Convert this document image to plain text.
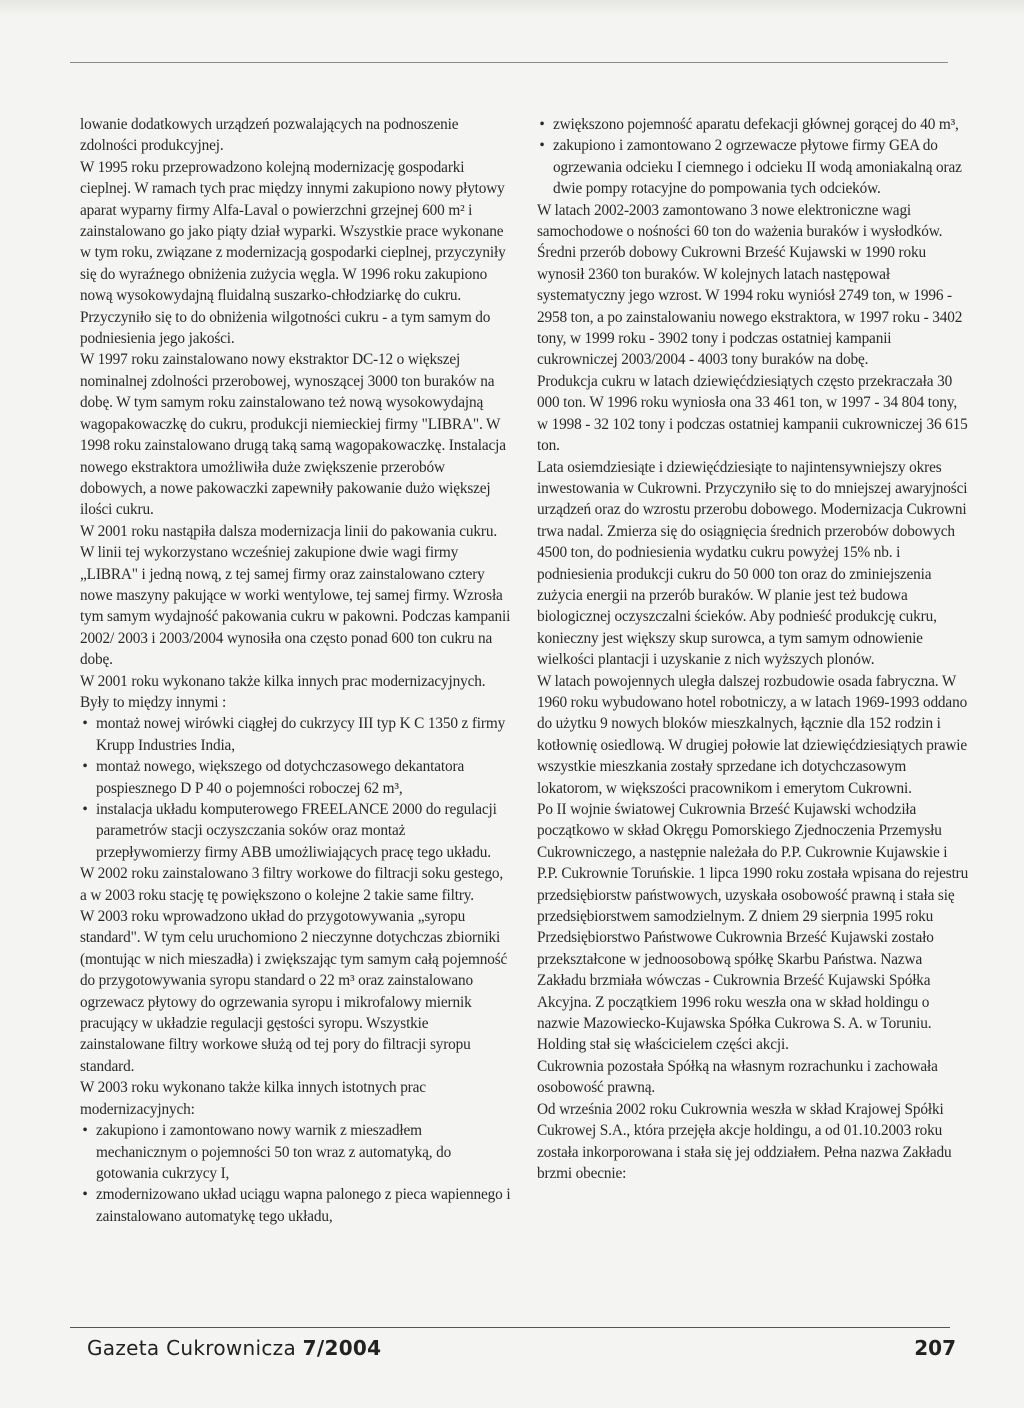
lowanie dodatkowych urządzeń pozwalających na podnoszenie zdolności produkcyjnej.

W 1995 roku przeprowadzono kolejną modernizację gospodarki cieplnej. W ramach tych prac między innymi zakupiono nowy płytowy aparat wyparny firmy Alfa-Laval o powierzchni grzejnej 600 m² i zainstalowano go jako piąty dział wyparki. Wszystkie prace wykonane w tym roku, związane z modernizacją gospodarki cieplnej, przyczyniły się do wyraźnego obniżenia zużycia węgla. W 1996 roku zakupiono nową wysokowydajną fluidalną suszarko-chłodziarkę do cukru. Przyczyniło się to do obniżenia wilgotności cukru - a tym samym do podniesienia jego jakości.

W 1997 roku zainstalowano nowy ekstraktor DC-12 o większej nominalnej zdolności przerobowej, wynoszącej 3000 ton buraków na dobę. W tym samym roku zainstalowano też nową wysokowydajną wagopakowaczkę do cukru, produkcji niemieckiej firmy "LIBRA". W 1998 roku zainstalowano drugą taką samą wagopakowaczkę. Instalacja nowego ekstraktora umożliwiła duże zwiększenie przerobów dobowych, a nowe pakowaczki zapewniły pakowanie dużo większej ilości cukru.

W 2001 roku nastąpiła dalsza modernizacja linii do pakowania cukru. W linii tej wykorzystano wcześniej zakupione dwie wagi firmy „LIBRA" i jedną nową, z tej samej firmy oraz zainstalowano cztery nowe maszyny pakujące w worki wentylowe, tej samej firmy. Wzrosła tym samym wydajność pakowania cukru w pakowni. Podczas kampanii 2002/ 2003 i 2003/2004 wynosiła ona często ponad 600 ton cukru na dobę.

W 2001 roku wykonano także kilka innych prac modernizacyjnych. Były to między innymi :

• montaż nowej wirówki ciągłej do cukrzycy III typ K C 1350 z firmy Krupp Industries India,
• montaż nowego, większego od dotychczasowego dekantatora pospiesznego D P 40 o pojemności roboczej 62 m³,
• instalacja układu komputerowego FREELANCE 2000 do regulacji parametrów stacji oczyszczania soków oraz montaż przepływomierzy firmy ABB umożliwiających pracę tego układu.

W 2002 roku zainstalowano 3 filtry workowe do filtracji soku gestego, a w 2003 roku stację tę powiększono o kolejne 2 takie same filtry.

W 2003 roku wprowadzono układ do przygotowywania „syropu standard". W tym celu uruchomiono 2 nieczynne dotychczas zbiorniki (montując w nich mieszadła) i zwiększając tym samym całą pojemność do przygotowywania syropu standard o 22 m³ oraz zainstalowano ogrzewacz płytowy do ogrzewania syropu i mikrofalowy miernik pracujący w układzie regulacji gęstości syropu. Wszystkie zainstalowane filtry workowe służą od tej pory do filtracji syropu standard.

W 2003 roku wykonano także kilka innych istotnych prac modernizacyjnych:

• zakupiono i zamontowano nowy warnik z mieszadłem mechanicznym o pojemności 50 ton wraz z automatyką, do gotowania cukrzycy I,
• zmodernizowano układ uciągu wapna palonego z pieca wapiennego i zainstalowano automatykę tego układu,
• zwiększono pojemność aparatu defekacji głównej gorącej do 40 m³,
• zakupiono i zamontowano 2 ogrzewacze płytowe firmy GEA do ogrzewania odcieku I ciemnego i odcieku II wodą amoniakalną oraz dwie pompy rotacyjne do pompowania tych odcieków.

W latach 2002-2003 zamontowano 3 nowe elektroniczne wagi samochodowe o nośności 60 ton do ważenia buraków i wysłodków.

Średni przerób dobowy Cukrowni Brześć Kujawski w 1990 roku wynosił 2360 ton buraków. W kolejnych latach następował systematyczny jego wzrost. W 1994 roku wyniósł 2749 ton, w 1996 - 2958 ton, a po zainstalowaniu nowego ekstraktora, w 1997 roku - 3402 tony, w 1999 roku - 3902 tony i podczas ostatniej kampanii cukrowniczej 2003/2004 - 4003 tony buraków na dobę.

Produkcja cukru w latach dziewięćdziesiątych często przekraczała 30 000 ton. W 1996 roku wyniosła ona 33 461 ton, w 1997 - 34 804 tony, w 1998 - 32 102 tony i podczas ostatniej kampanii cukrowniczej 36 615 ton.

Lata osiemdziesiąte i dziewięćdziesiąte to najintensywniejszy okres inwestowania w Cukrowni. Przyczyniło się to do mniejszej awaryjności urządzeń oraz do wzrostu przerobu dobowego. Modernizacja Cukrowni trwa nadal. Zmierza się do osiągnięcia średnich przerobów dobowych 4500 ton, do podniesienia wydatku cukru powyżej 15% nb. i podniesienia produkcji cukru do 50 000 ton oraz do zminiejszenia zużycia energii na przerób buraków. W planie jest też budowa biologicznej oczyszczalni ścieków. Aby podnieść produkcję cukru, konieczny jest większy skup surowca, a tym samym odnowienie wielkości plantacji i uzyskanie z nich wyższych plonów.

W latach powojennych uległa dalszej rozbudowie osada fabryczna. W 1960 roku wybudowano hotel robotniczy, a w latach 1969-1993 oddano do użytku 9 nowych bloków mieszkalnych, łącznie dla 152 rodzin i kotłownię osiedlową. W drugiej połowie lat dziewięćdziesiątych prawie wszystkie mieszkania zostały sprzedane ich dotychczasowym lokatorom, w większości pracownikom i emerytom Cukrowni.

Po II wojnie światowej Cukrownia Brześć Kujawski wchodziła początkowo w skład Okręgu Pomorskiego Zjednoczenia Przemysłu Cukrowniczego, a następnie należała do P.P. Cukrownie Kujawskie i P.P. Cukrownie Toruńskie. 1 lipca 1990 roku została wpisana do rejestru przedsiębiorstw państwowych, uzyskała osobowość prawną i stała się przedsiębiorstwem samodzielnym. Z dniem 29 sierpnia 1995 roku Przedsiębiorstwo Państwowe Cukrownia Brześć Kujawski zostało przekształcone w jednoosobową spółkę Skarbu Państwa. Nazwa Zakładu brzmiała wówczas - Cukrownia Brześć Kujawski Spółka Akcyjna. Z początkiem 1996 roku weszła ona w skład holdingu o nazwie Mazowiecko-Kujawska Spółka Cukrowa S. A. w Toruniu. Holding stał się właścicielem części akcji.

Cukrownia pozostała Spółką na własnym rozrachunku i zachowała osobowość prawną.

Od września 2002 roku Cukrownia weszła w skład Krajowej Spółki Cukrowej S.A., która przejęła akcje holdingu, a od 01.10.2003 roku została inkorporowana i stała się jej oddziałem. Pełna nazwa Zakładu brzmi obecnie:

Gazeta Cukrownicza 7/2004	207
